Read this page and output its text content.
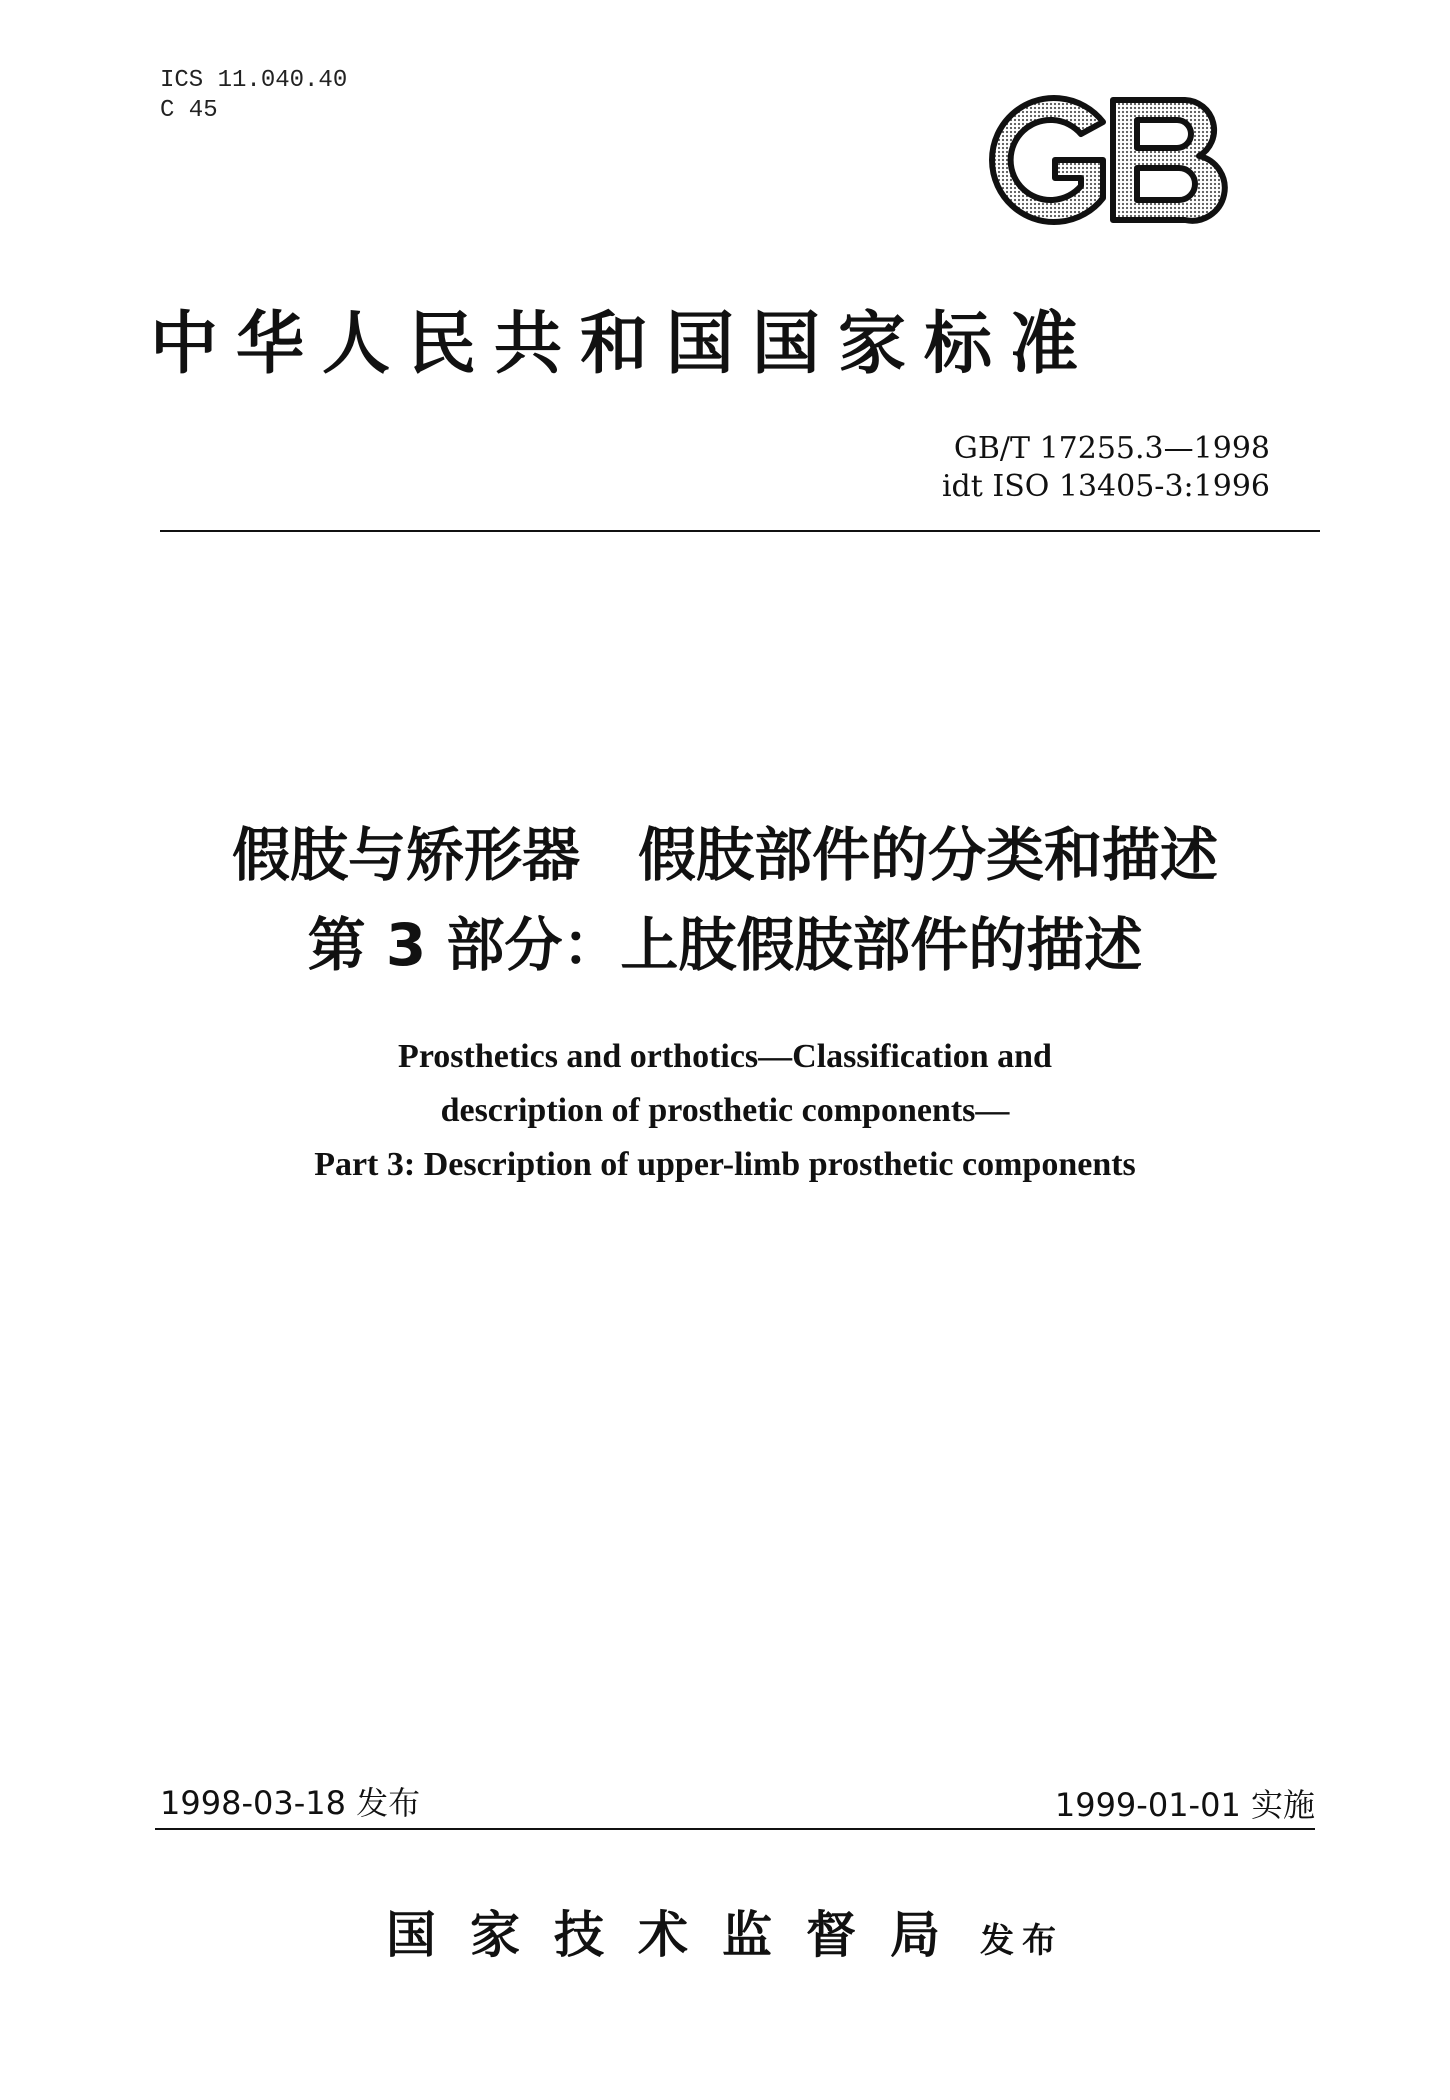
ICS 11.040.40
C 45
中华人民共和国国家标准
GB/T 17255.3—1998
idt ISO 13405-3:1996
假肢与矫形器　假肢部件的分类和描述
第 3 部分：上肢假肢部件的描述
Prosthetics and orthotics—Classification and
description of prosthetic components—
Part 3: Description of upper-limb prosthetic components
1998-03-18 发布	1999-01-01 实施
国家技术监督局 发布
